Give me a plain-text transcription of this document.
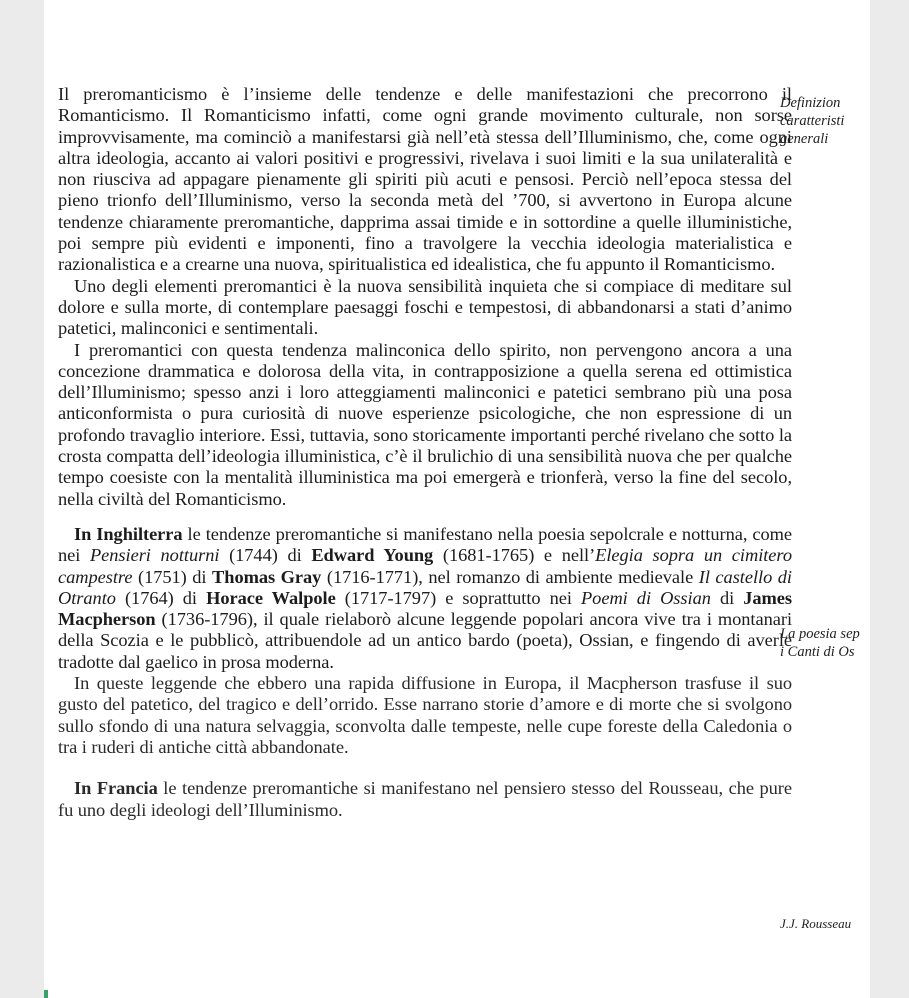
Definizion
caratteristi
generali
La poesia sep
i Canti di Os
J.J. Rousseau

Il preromanticismo è l’insieme delle tendenze e delle manifestazioni che precorrono il Romanticismo. Il Romanticismo infatti, come ogni grande movimento culturale, non sorse improvvisamente, ma cominciò a manifestarsi già nell’età stessa dell’Illuminismo, che, come ogni altra ideologia, accanto ai valori positivi e progressivi, rivelava i suoi limiti e la sua unilateralità e non riusciva ad appagare pienamente gli spiriti più acuti e pensosi. Perciò nell’epoca stessa del pieno trionfo dell’Illuminismo, verso la seconda metà del ’700, si avvertono in Europa alcune tendenze chiaramente preromantiche, dapprima assai timide e in sottordine a quelle illuministiche, poi sempre più evidenti e imponenti, fino a travolgere la vecchia ideologia materialistica e razionalistica e a crearne una nuova, spiritualistica ed idealistica, che fu appunto il Romanticismo.

Uno degli elementi preromantici è la nuova sensibilità inquieta che si compiace di meditare sul dolore e sulla morte, di contemplare paesaggi foschi e tempestosi, di abbandonarsi a stati d’animo patetici, malinconici e sentimentali.

I preromantici con questa tendenza malinconica dello spirito, non pervengono ancora a una concezione drammatica e dolorosa della vita, in contrapposizione a quella serena ed ottimistica dell’Illuminismo; spesso anzi i loro atteggiamenti malinconici e patetici sembrano più una posa anticonformista o pura curiosità di nuove esperienze psicologiche, che non espressione di un profondo travaglio interiore. Essi, tuttavia, sono storicamente importanti perché rivelano che sotto la crosta compatta dell’ideologia illuministica, c’è il brulichio di una sensibilità nuova che per qualche tempo coesiste con la mentalità illuministica ma poi emergerà e trionferà, verso la fine del secolo, nella civiltà del Romanticismo.

In Inghilterra le tendenze preromantiche si manifestano nella poesia sepolcrale e notturna, come nei Pensieri notturni (1744) di Edward Young (1681-1765) e nell’Elegia sopra un cimitero campestre (1751) di Thomas Gray (1716-1771), nel romanzo di ambiente medievale Il castello di Otranto (1764) di Horace Walpole (1717-1797) e soprattutto nei Poemi di Ossian di James Macpherson (1736-1796), il quale rielaborò alcune leggende popolari ancora vive tra i montanari della Scozia e le pubblicò, attribuendole ad un antico bardo (poeta), Ossian, e fingendo di averle tradotte dal gaelico in prosa moderna.

In queste leggende che ebbero una rapida diffusione in Europa, il Macpherson trasfuse il suo gusto del patetico, del tragico e dell’orrido. Esse narrano storie d’amore e di morte che si svolgono sullo sfondo di una natura selvaggia, sconvolta dalle tempeste, nelle cupe foreste della Caledonia o tra i ruderi di antiche città abbandonate.

In Francia le tendenze preromantiche si manifestano nel pensiero stesso del Rousseau, che pure fu uno degli ideologi dell’Illuminismo.
